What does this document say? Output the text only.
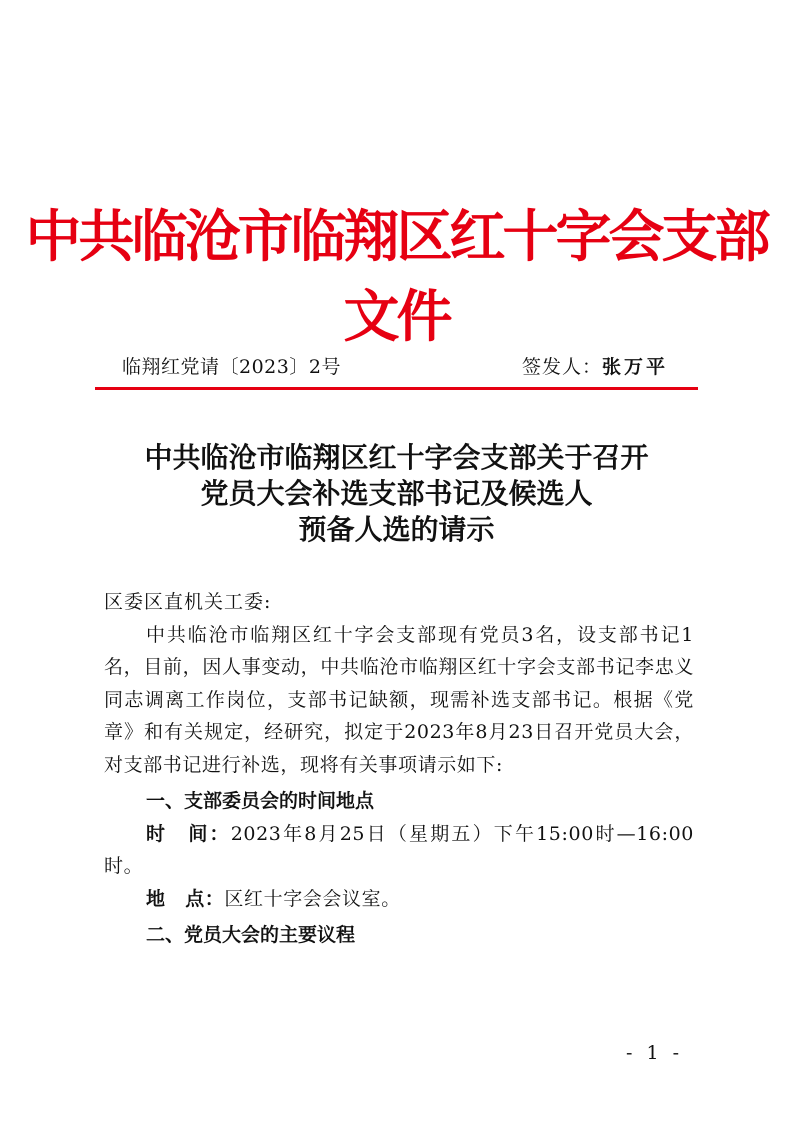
中共临沧市临翔区红十字会支部文件
临翔红党请〔2023〕2号	签发人：张万平
中共临沧市临翔区红十字会支部关于召开
党员大会补选支部书记及候选人
预备人选的请示

区委区直机关工委:

中共临沧市临翔区红十字会支部现有党员3名，设支部书记1名，目前，因人事变动，中共临沧市临翔区红十字会支部书记李忠义同志调离工作岗位，支部书记缺额，现需补选支部书记。根据《党章》和有关规定，经研究，拟定于2023年8月23日召开党员大会，对支部书记进行补选，现将有关事项请示如下:

一、支部委员会的时间地点

时　间：2023年8月25日（星期五）下午15:00时—16:00时。

地　点：区红十字会会议室。

二、党员大会的主要议程

- 1 -
